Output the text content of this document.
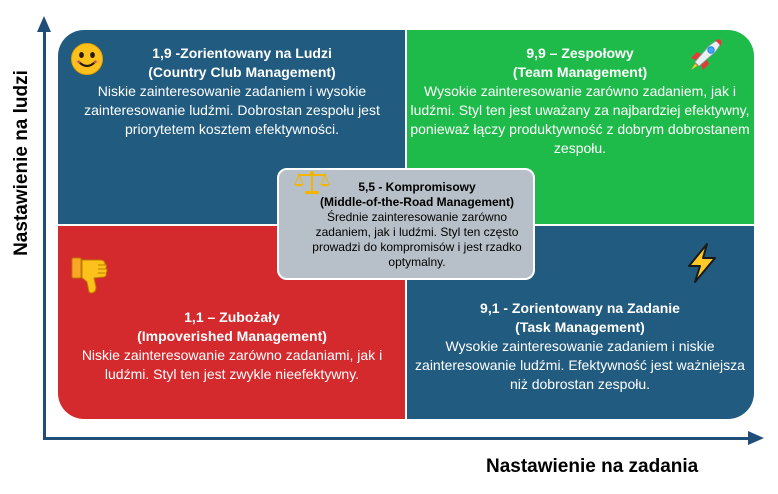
Nastawienie na ludzi
Nastawienie na zadania
1,9 -Zorientowany na Ludzi
(Country Club Management)
Niskie zainteresowanie zadaniem i wysokie zainteresowanie ludźmi. Dobrostan zespołu jest priorytetem kosztem efektywności.
9,9 – Zespołowy
(Team Management)
Wysokie zainteresowanie zarówno zadaniem, jak i ludźmi. Styl ten jest uważany za najbardziej efektywny, ponieważ łączy produktywność z dobrym dobrostanem zespołu.
1,1 – Zubożały
(Impoverished Management)
Niskie zainteresowanie zarówno zadaniami, jak i ludźmi. Styl ten jest zwykle nieefektywny.
9,1 - Zorientowany na Zadanie
(Task Management)
Wysokie zainteresowanie zadaniem i niskie zainteresowanie ludźmi. Efektywność jest ważniejsza niż dobrostan zespołu.
5,5 - Kompromisowy
(Middle-of-the-Road Management)
Średnie zainteresowanie zarówno zadaniem, jak i ludźmi. Styl ten często prowadzi do kompromisów i jest rzadko optymalny.
